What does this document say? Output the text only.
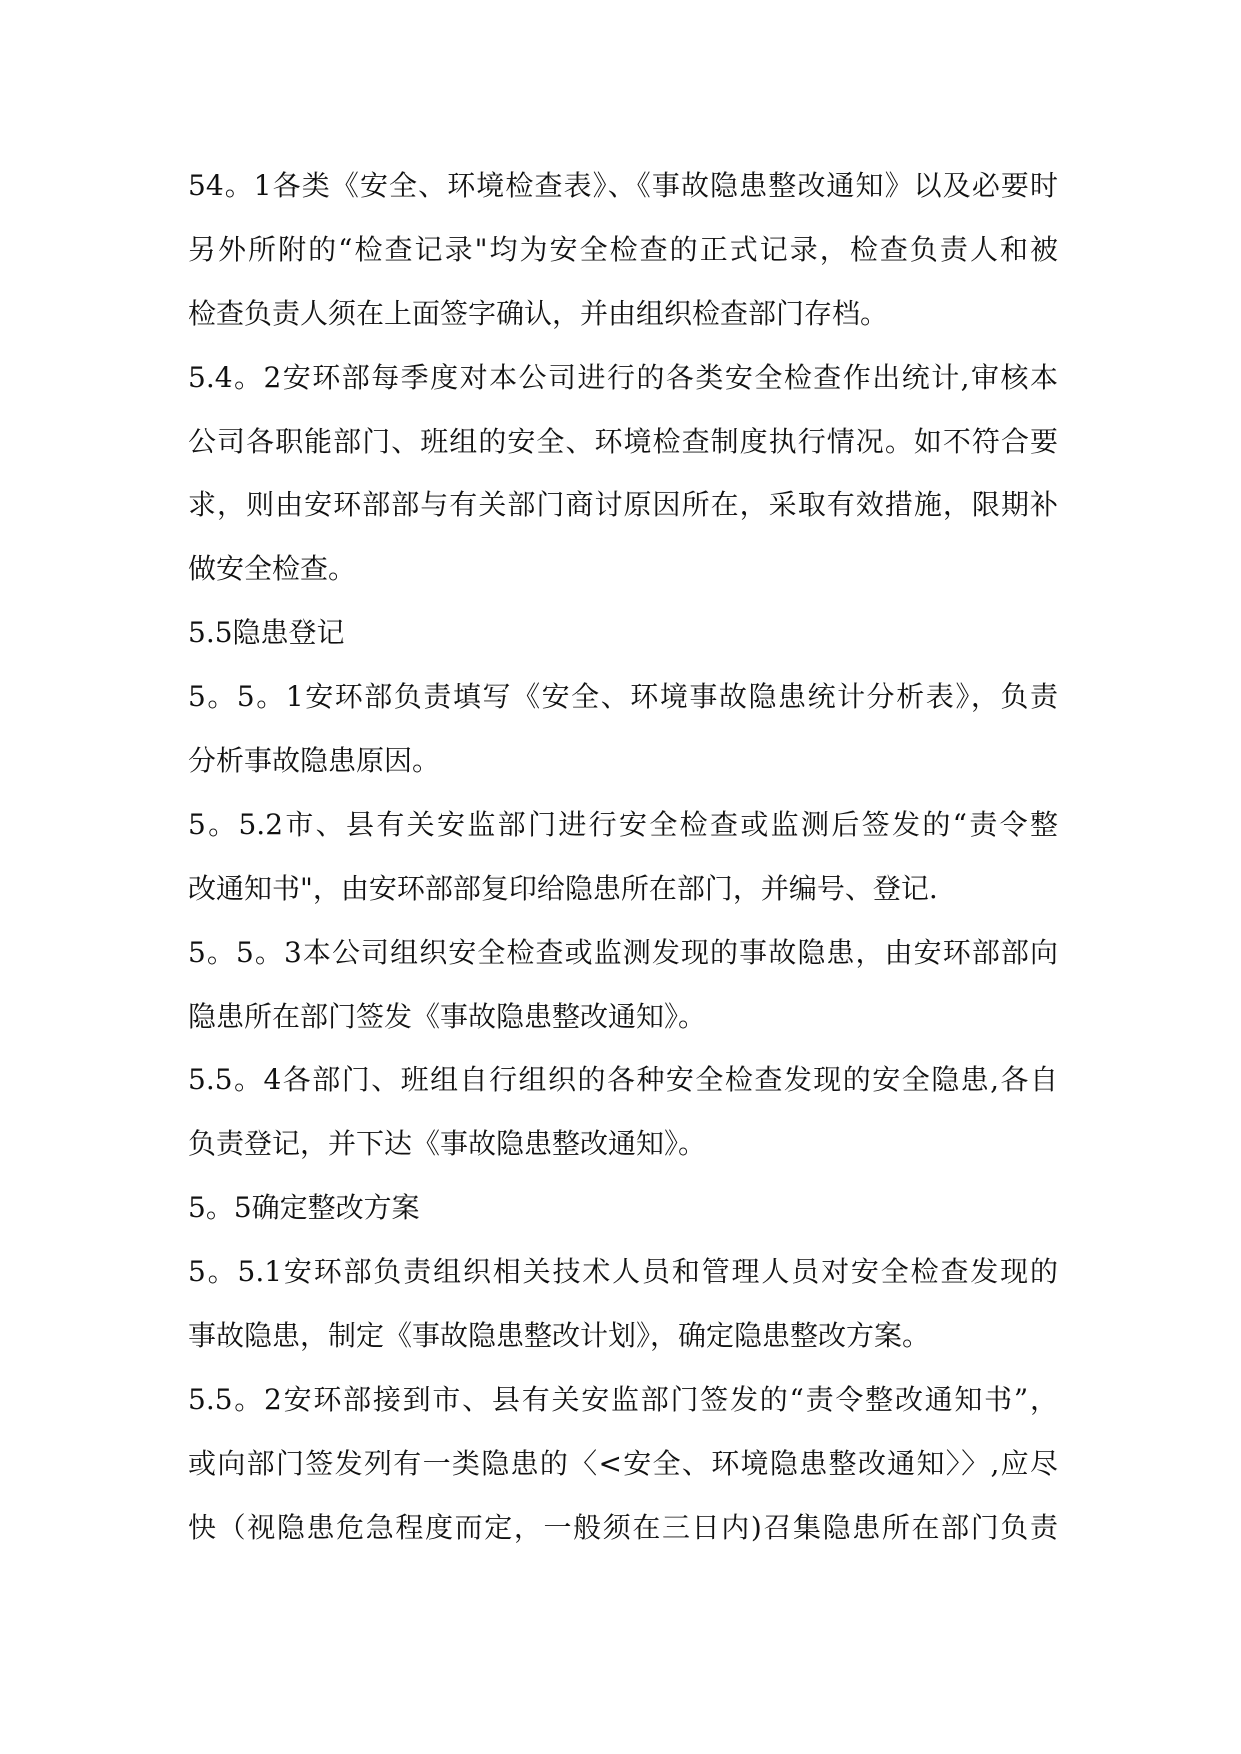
54。1各类《安全、环境检查表》、《事故隐患整改通知》以及必要时
另外所附的“检查记录"均为安全检查的正式记录，检查负责人和被
检查负责人须在上面签字确认，并由组织检查部门存档。
5.4。2安环部每季度对本公司进行的各类安全检查作出统计,审核本
公司各职能部门、班组的安全、环境检查制度执行情况。如不符合要
求，则由安环部部与有关部门商讨原因所在，采取有效措施，限期补
做安全检查。
5.5隐患登记
5。5。1安环部负责填写《安全、环境事故隐患统计分析表》，负责
分析事故隐患原因。
5。5.2市、县有关安监部门进行安全检查或监测后签发的“责令整
改通知书"，由安环部部复印给隐患所在部门，并编号、登记.
5。5。3本公司组织安全检查或监测发现的事故隐患，由安环部部向
隐患所在部门签发《事故隐患整改通知》。
5.5。4各部门、班组自行组织的各种安全检查发现的安全隐患,各自
负责登记，并下达《事故隐患整改通知》。
5。5确定整改方案
5。5.1安环部负责组织相关技术人员和管理人员对安全检查发现的
事故隐患，制定《事故隐患整改计划》，确定隐患整改方案。
5.5。2安环部接到市、县有关安监部门签发的“责令整改通知书”，
或向部门签发列有一类隐患的〈<安全、环境隐患整改通知〉〉,应尽
快（视隐患危急程度而定，一般须在三日内)召集隐患所在部门负责
